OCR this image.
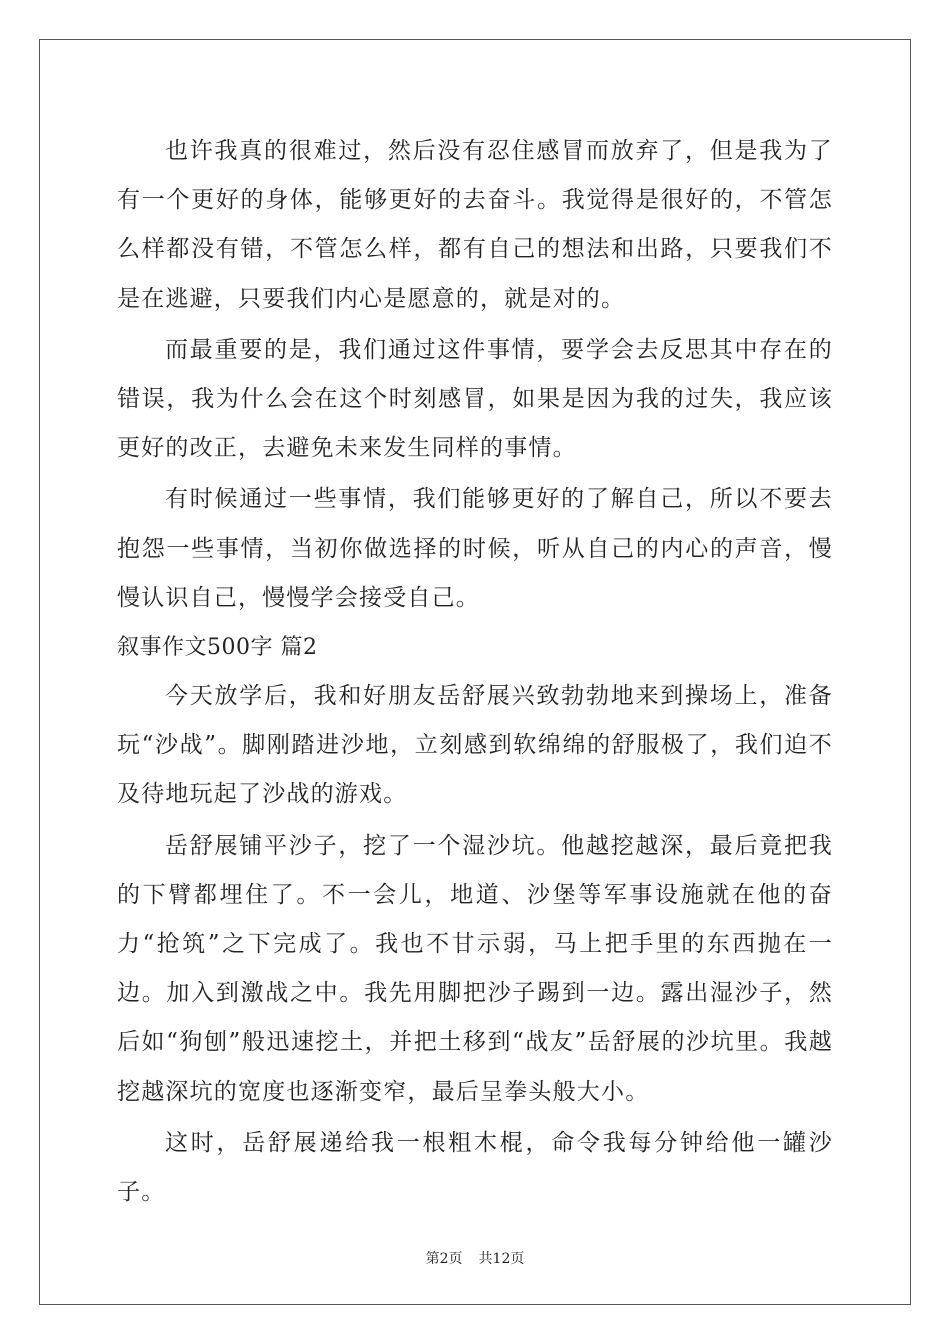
也许我真的很难过，然后没有忍住感冒而放弃了，但是我为了有一个更好的身体，能够更好的去奋斗。我觉得是很好的，不管怎么样都没有错，不管怎么样，都有自己的想法和出路，只要我们不是在逃避，只要我们内心是愿意的，就是对的。

而最重要的是，我们通过这件事情，要学会去反思其中存在的错误，我为什么会在这个时刻感冒，如果是因为我的过失，我应该更好的改正，去避免未来发生同样的事情。

有时候通过一些事情，我们能够更好的了解自己，所以不要去抱怨一些事情，当初你做选择的时候，听从自己的内心的声音，慢慢认识自己，慢慢学会接受自己。

叙事作文500字 篇2

今天放学后，我和好朋友岳舒展兴致勃勃地来到操场上，准备玩“沙战”。脚刚踏进沙地，立刻感到软绵绵的舒服极了，我们迫不及待地玩起了沙战的游戏。

岳舒展铺平沙子，挖了一个湿沙坑。他越挖越深，最后竟把我的下臂都埋住了。不一会儿，地道、沙堡等军事设施就在他的奋力“抢筑”之下完成了。我也不甘示弱，马上把手里的东西抛在一边。加入到激战之中。我先用脚把沙子踢到一边。露出湿沙子，然后如“狗刨”般迅速挖土，并把土移到“战友”岳舒展的沙坑里。我越挖越深坑的宽度也逐渐变窄，最后呈拳头般大小。

这时，岳舒展递给我一根粗木棍，命令我每分钟给他一罐沙子。

第2页 共12页
